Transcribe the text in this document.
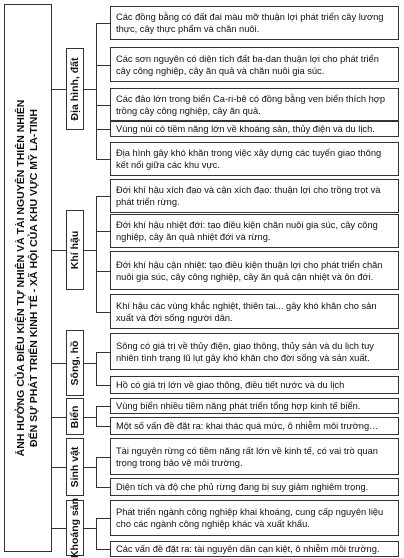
ẢNH HƯỞNG CỦA ĐIỀU KIỆN TỰ NHIÊN VÀ TÀI NGUYÊN THIÊN NHIÊN ĐẾN SỰ PHÁT TRIỂN KINH TẾ - XÃ HỘI CỦA KHU VỰC MỸ LA-TINH
Địa hình, đất
Các đồng bằng có đất đai màu mỡ thuận lợi phát triển cây lương thực, cây thực phẩm và chăn nuôi.
Các sơn nguyên có diện tích đất ba-dan thuận lợi cho phát triển cây công nghiệp, cây ăn quả và chăn nuôi gia súc.
Các đảo lớn trong biển Ca-ri-bê có đồng bằng ven biển thích hợp trồng cây công nghiệp, cây ăn quả.
Vùng núi có tiềm năng lớn về khoáng sản, thủy điện và du lịch.
Địa hình gây khó khăn trong việc xây dựng các tuyến giao thông kết nối giữa các khu vực.
Khí hậu
Đới khí hậu xích đạo và cận xích đạo: thuận lợi cho trồng trọt và phát triển rừng.
Đới khí hậu nhiệt đới: tạo điều kiện chăn nuôi gia súc, cây công nghiệp, cây ăn quả nhiệt đới và rừng.
Đới khí hậu cận nhiệt: tạo điều kiện thuận lợi cho phát triển chăn nuôi gia súc, cây công nghiệp, cây ăn quả cận nhiệt và ôn đới.
Khí hậu các vùng khắc nghiệt, thiên tai... gây khó khăn cho sản xuất và đời sống người dân.
Sông, hồ	Sông có giá trị về thủy điện, giao thông, thủy sản và du lịch tuy nhiên tình trạng lũ lụt gây khó khăn cho đời sống và sản xuất.
Hồ có giá trị lớn về giao thông, điều tiết nước và du lịch
Biển	Vùng biển nhiều tiềm năng phát triển tổng hợp kinh tế biển.
Một số vấn đề đặt ra: khai thác quá mức, ô nhiễm môi trường…
Sinh vật	Tài nguyên rừng có tiềm năng rất lớn về kinh tế, có vai trò quan trọng trong bảo vệ môi trường.
Diện tích và độ che phủ rừng đang bị suy giảm nghiêm trọng.
Khoáng sản	Phát triển ngành công nghiệp khai khoáng, cung cấp nguyên liệu cho các ngành công nghiệp khác và xuất khẩu.
Các vấn đề đặt ra: tài nguyên dần cạn kiệt, ô nhiễm môi trường.
